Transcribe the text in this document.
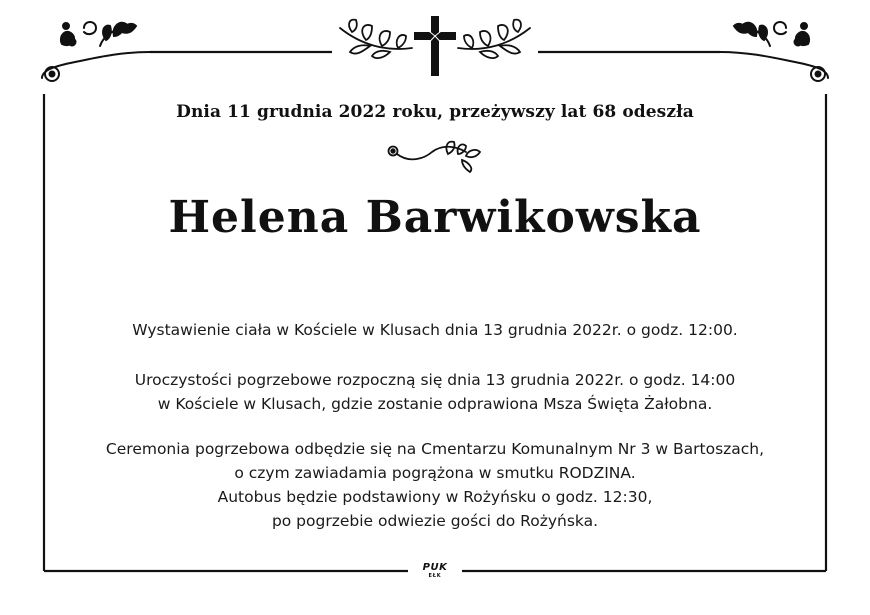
Dnia 11 grudnia 2022 roku, przeżywszy lat 68 odeszła
Helena Barwikowska
Wystawienie ciała w Kościele w Klusach dnia 13 grudnia 2022r. o godz. 12:00.
Uroczystości pogrzebowe rozpoczną się dnia 13 grudnia 2022r. o godz. 14:00
w Kościele w Klusach, gdzie zostanie odprawiona Msza Święta Żałobna.
Ceremonia pogrzebowa odbędzie się na Cmentarzu Komunalnym Nr 3 w Bartoszach,
o czym zawiadamia pogrążona w smutku RODZINA.
Autobus będzie podstawiony w Rożyńsku o godz. 12:30,
po pogrzebie odwiezie gości do Rożyńska.
PUK
EŁK
